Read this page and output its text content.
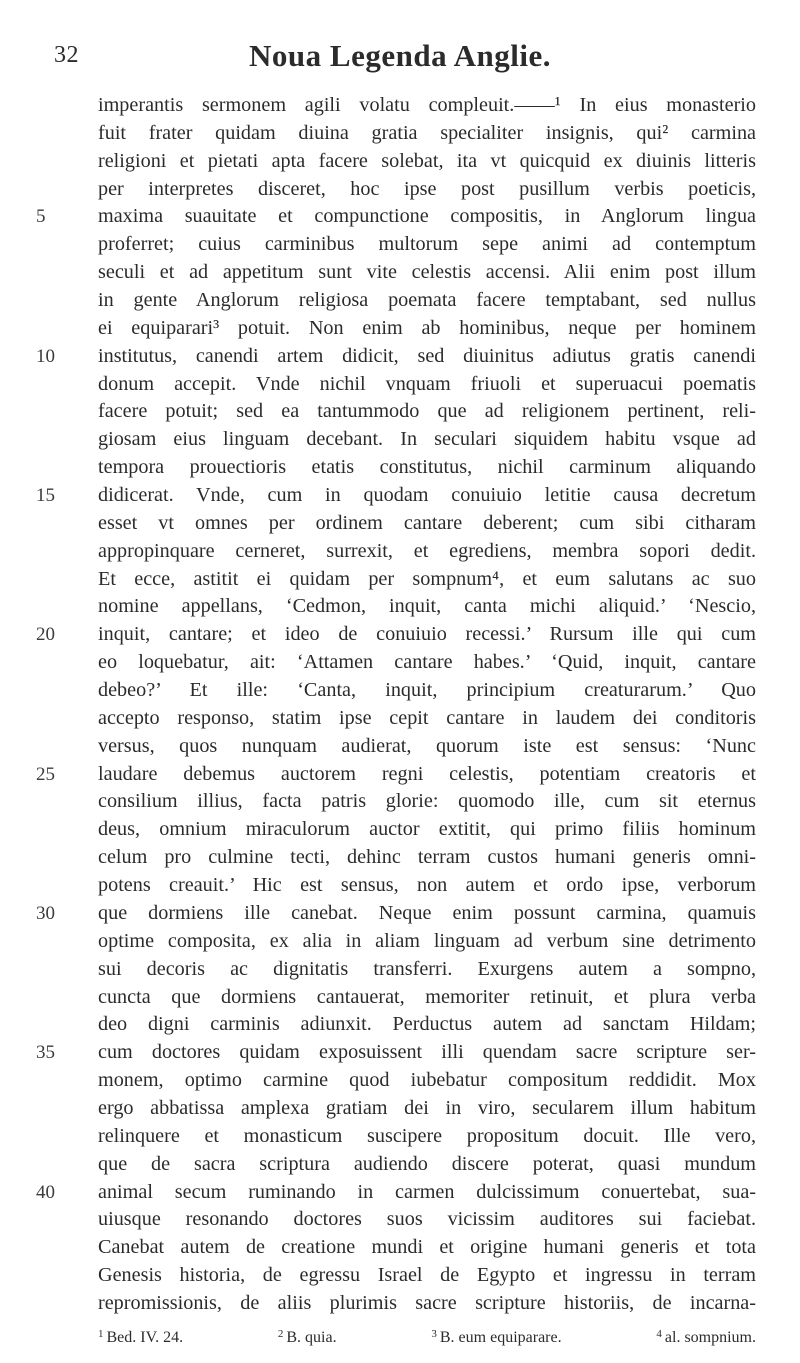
32	Noua Legenda Anglie.
imperantis sermonem agili volatu compleuit.——¹ In eius monasterio
fuit frater quidam diuina gratia specialiter insignis, qui² carmina
religioni et pietati apta facere solebat, ita vt quicquid ex diuinis litteris
per interpretes disceret, hoc ipse post pusillum verbis poeticis,
5	maxima suauitate et compunctione compositis, in Anglorum lingua
proferret; cuius carminibus multorum sepe animi ad contemptum
seculi et ad appetitum sunt vite celestis accensi. Alii enim post illum
in gente Anglorum religiosa poemata facere temptabant, sed nullus
ei equiparari³ potuit. Non enim ab hominibus, neque per hominem
10	institutus, canendi artem didicit, sed diuinitus adiutus gratis canendi
donum accepit. Vnde nichil vnquam friuoli et superuacui poematis
facere potuit; sed ea tantummodo que ad religionem pertinent, reli-
giosam eius linguam decebant. In seculari siquidem habitu vsque ad
tempora prouectioris etatis constitutus, nichil carminum aliquando
15	didicerat. Vnde, cum in quodam conuiuio letitie causa decretum
esset vt omnes per ordinem cantare deberent; cum sibi citharam
appropinquare cerneret, surrexit, et egrediens, membra sopori dedit.
Et ecce, astitit ei quidam per sompnum⁴, et eum salutans ac suo
nomine appellans, ‘Cedmon, inquit, canta michi aliquid.’ ‘Nescio,
20	inquit, cantare; et ideo de conuiuio recessi.’ Rursum ille qui cum
eo loquebatur, ait: ‘Attamen cantare habes.’ ‘Quid, inquit, cantare
debeo?’ Et ille: ‘Canta, inquit, principium creaturarum.’ Quo
accepto responso, statim ipse cepit cantare in laudem dei conditoris
versus, quos nunquam audierat, quorum iste est sensus: ‘Nunc
25	laudare debemus auctorem regni celestis, potentiam creatoris et
consilium illius, facta patris glorie: quomodo ille, cum sit eternus
deus, omnium miraculorum auctor extitit, qui primo filiis hominum
celum pro culmine tecti, dehinc terram custos humani generis omni-
potens creauit.’ Hic est sensus, non autem et ordo ipse, verborum
30	que dormiens ille canebat. Neque enim possunt carmina, quamuis
optime composita, ex alia in aliam linguam ad verbum sine detrimento
sui decoris ac dignitatis transferri. Exurgens autem a sompno,
cuncta que dormiens cantauerat, memoriter retinuit, et plura verba
deo digni carminis adiunxit. Perductus autem ad sanctam Hildam;
35	cum doctores quidam exposuissent illi quendam sacre scripture ser-
monem, optimo carmine quod iubebatur compositum reddidit. Mox
ergo abbatissa amplexa gratiam dei in viro, secularem illum habitum
relinquere et monasticum suscipere propositum docuit. Ille vero,
que de sacra scriptura audiendo discere poterat, quasi mundum
40	animal secum ruminando in carmen dulcissimum conuertebat, sua-
uiusque resonando doctores suos vicissim auditores sui faciebat.
Canebat autem de creatione mundi et origine humani generis et tota
Genesis historia, de egressu Israel de Egypto et ingressu in terram
repromissionis, de aliis plurimis sacre scripture historiis, de incarna-
$^1$ Bed. IV. 24.	$^2$ B. quia.	$^3$ B. eum equiparare.	$^4$ al. sompnium.
